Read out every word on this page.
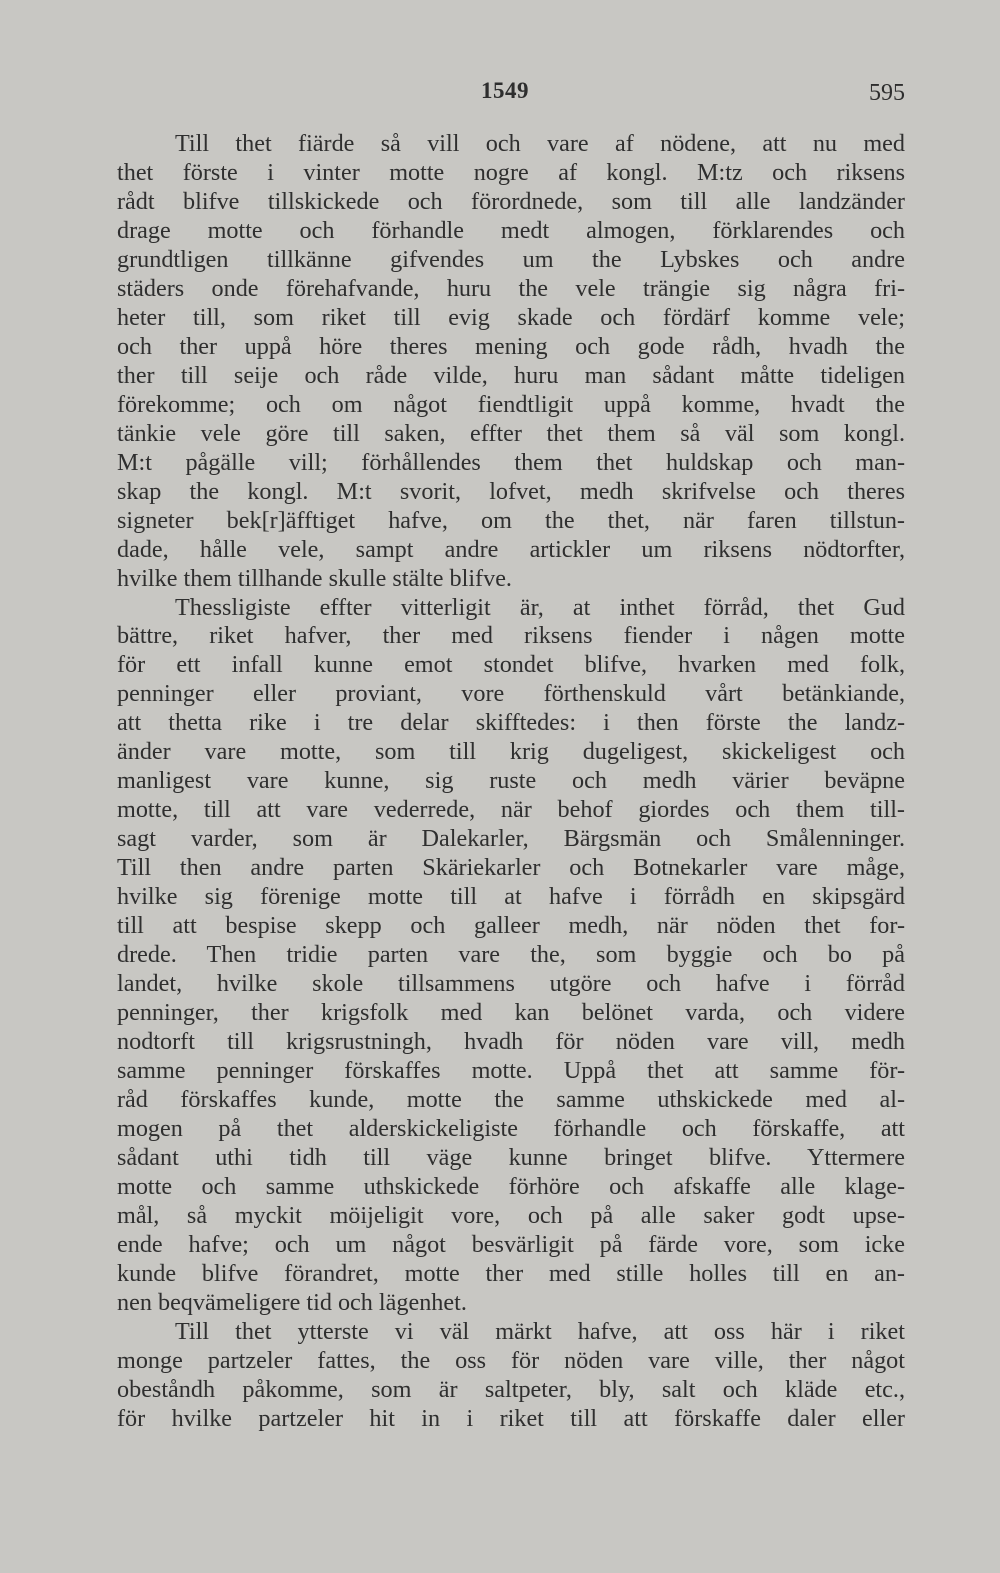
1549	595
Till thet fiärde så vill och vare af nödene, att nu med
thet förste i vinter motte nogre af kongl. M:tz och riksens
rådt blifve tillskickede och förordnede, som till alle landzänder
drage motte och förhandle medt almogen, förklarendes och
grundtligen tillkänne gifvendes um the Lybskes och andre
städers onde förehafvande, huru the vele trängie sig några fri-
heter till, som riket till evig skade och fördärf komme vele;
och ther uppå höre theres mening och gode rådh, hvadh the
ther till seije och råde vilde, huru man sådant måtte tideligen
förekomme; och om något fiendtligit uppå komme, hvadt the
tänkie vele göre till saken, effter thet them så väl som kongl.
M:t pågälle vill; förhållendes them thet huldskap och man-
skap the kongl. M:t svorit, lofvet, medh skrifvelse och theres
signeter bek[r]äfftiget hafve, om the thet, när faren tillstun-
dade, hålle vele, sampt andre artickler um riksens nödtorfter,
hvilke them tillhande skulle stälte blifve.
Thessligiste effter vitterligit är, at inthet förråd, thet Gud
bättre, riket hafver, ther med riksens fiender i någen motte
för ett infall kunne emot stondet blifve, hvarken med folk,
penninger eller proviant, vore förthenskuld vårt betänkiande,
att thetta rike i tre delar skifftedes: i then förste the landz-
änder vare motte, som till krig dugeligest, skickeligest och
manligest vare kunne, sig ruste och medh värier beväpne
motte, till att vare vederrede, när behof giordes och them till-
sagt varder, som är Dalekarler, Bärgsmän och Smålenninger.
Till then andre parten Skäriekarler och Botnekarler vare måge,
hvilke sig förenige motte till at hafve i förrådh en skipsgärd
till att bespise skepp och galleer medh, när nöden thet for-
drede. Then tridie parten vare the, som byggie och bo på
landet, hvilke skole tillsammens utgöre och hafve i förråd
penninger, ther krigsfolk med kan belönet varda, och videre
nodtorft till krigsrustningh, hvadh för nöden vare vill, medh
samme penninger förskaffes motte. Uppå thet att samme för-
råd förskaffes kunde, motte the samme uthskickede med al-
mogen på thet alderskickeligiste förhandle och förskaffe, att
sådant uthi tidh till väge kunne bringet blifve. Yttermere
motte och samme uthskickede förhöre och afskaffe alle klage-
mål, så myckit möijeligit vore, och på alle saker godt upse-
ende hafve; och um något besvärligit på färde vore, som icke
kunde blifve förandret, motte ther med stille holles till en an-
nen beqvämeligere tid och lägenhet.
Till thet ytterste vi väl märkt hafve, att oss här i riket
monge partzeler fattes, the oss för nöden vare ville, ther något
obeståndh påkomme, som är saltpeter, bly, salt och kläde etc.,
för hvilke partzeler hit in i riket till att förskaffe daler eller
